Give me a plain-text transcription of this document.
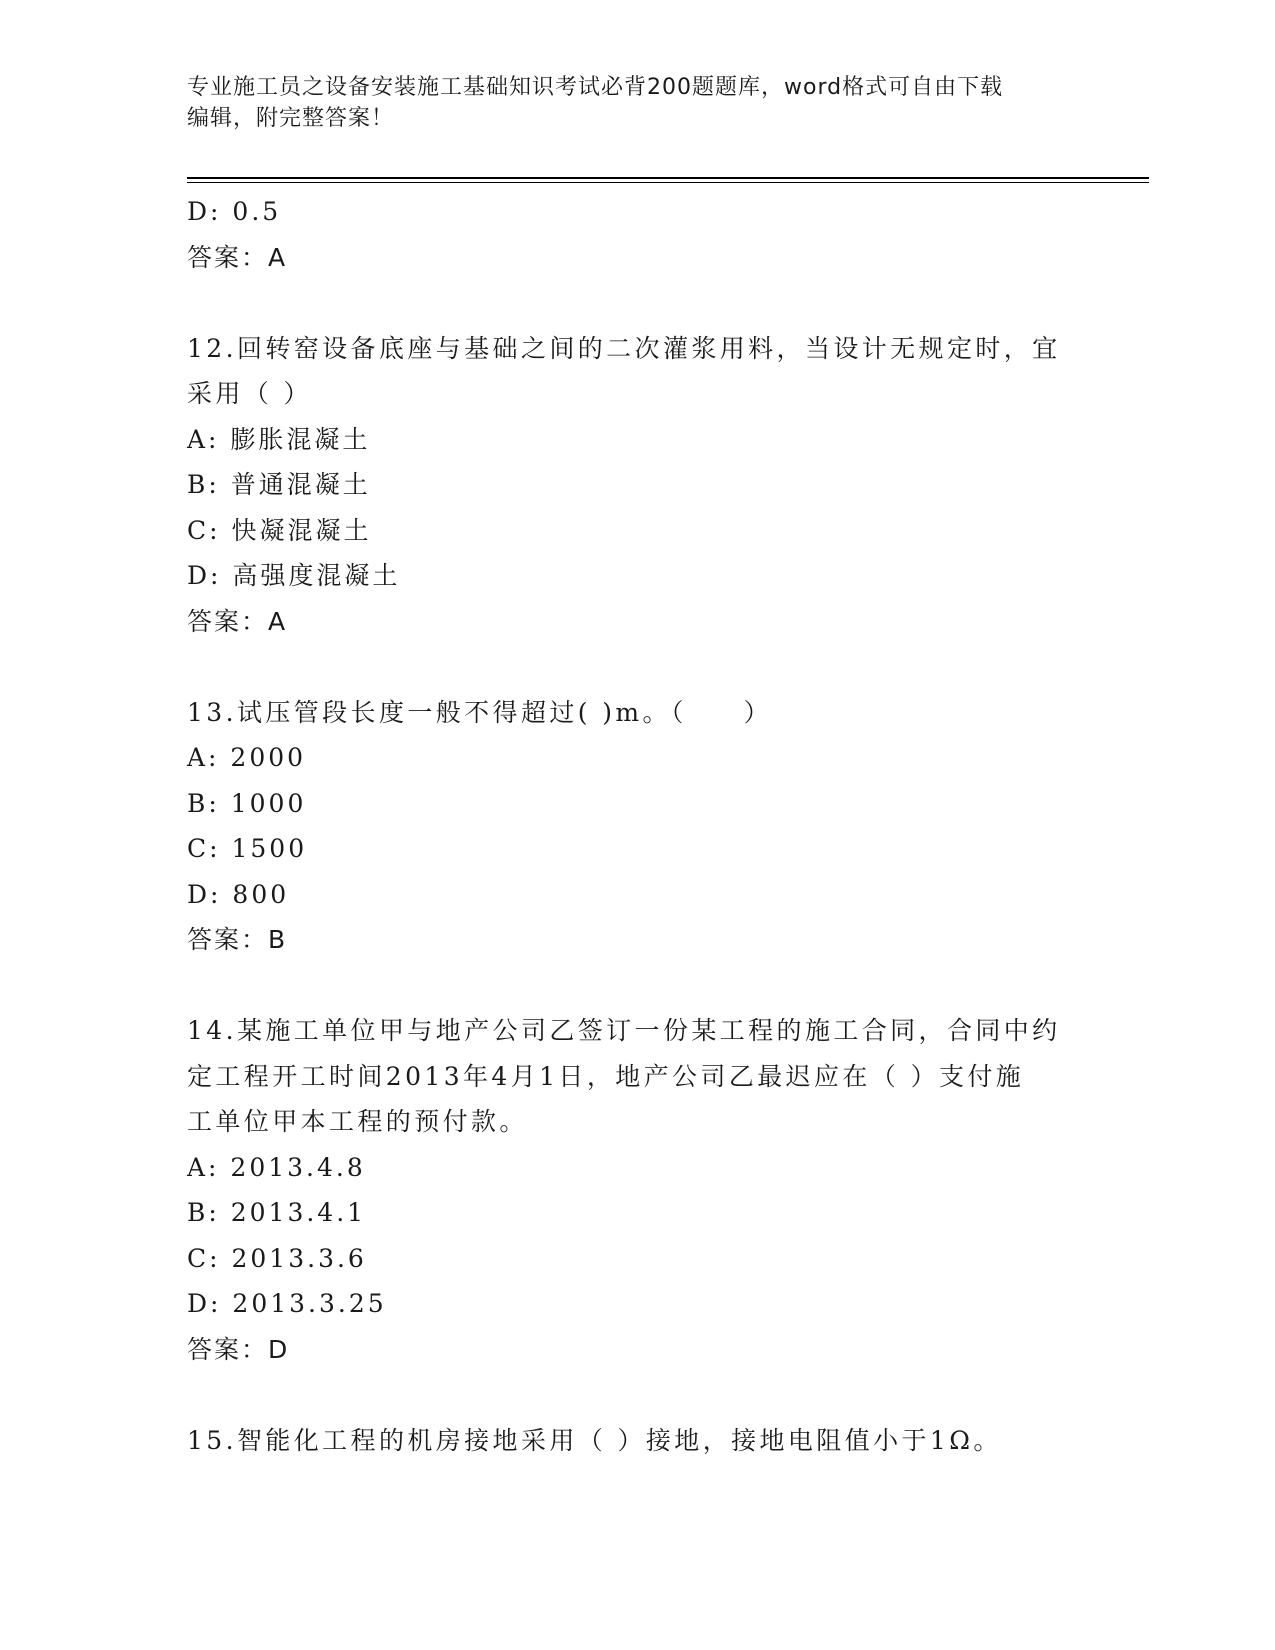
专业施工员之设备安装施工基础知识考试必背200题题库，word格式可自由下载
编辑，附完整答案！
D: 0.5
答案：A
12.回转窑设备底座与基础之间的二次灌浆用料，当设计无规定时，宜
采用（ ）
A: 膨胀混凝土
B: 普通混凝土
C: 快凝混凝土
D: 高强度混凝土
答案：A
13.试压管段长度一般不得超过( )m。（　　）
A: 2000
B: 1000
C: 1500
D: 800
答案：B
14.某施工单位甲与地产公司乙签订一份某工程的施工合同，合同中约
定工程开工时间2013年4月1日，地产公司乙最迟应在（ ）支付施
工单位甲本工程的预付款。
A: 2013.4.8
B: 2013.4.1
C: 2013.3.6
D: 2013.3.25
答案：D
15.智能化工程的机房接地采用（ ）接地，接地电阻值小于1Ω。
